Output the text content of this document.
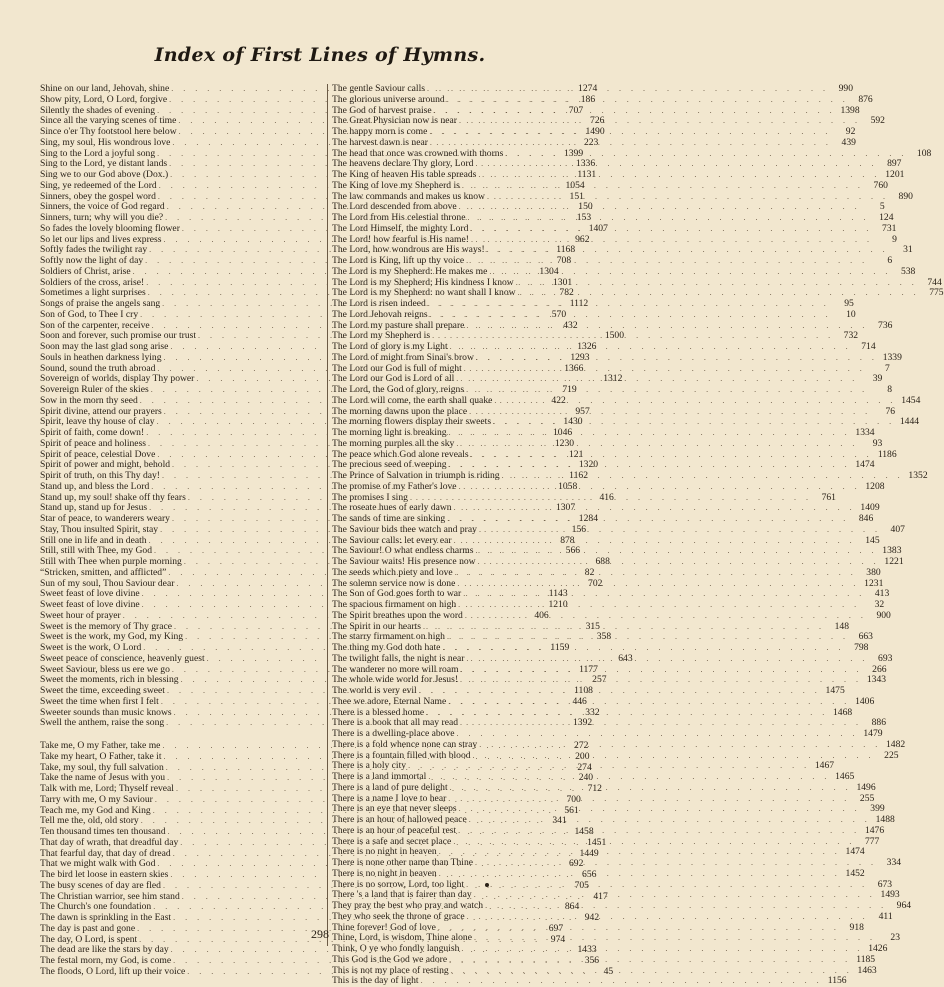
Index of First Lines of Hymns.
Shine on our land, Jehovah, shine . . .	1274
Show pity, Lord, O Lord, forgive . . .	186
Silently the shades of evening . . .	707
Since all the varying scenes of time . . .	726
Since o'er Thy footstool here below . . .	1490
Sing, my soul, His wondrous love . . .	223
Sing to the Lord a joyful song . . .	1399
Sing to the Lord, ye distant lands . . .	1336
Sing we to our God above (Dox.) . . .	1131
Sing, ye redeemed of the Lord . . .	1054
Sinners, obey the gospel word . . .	151
Sinners, the voice of God regard . . .	150
Sinners, turn; why will you die? . . .	153
So fades the lovely blooming flower . . .	1407
So let our lips and lives express . . .	962
Softly fades the twilight ray . . .	1168
Softly now the light of day . . .	708
Soldiers of Christ, arise . . .	1304
Soldiers of the cross, arise! . . .	1301
Sometimes a light surprises . . .	782
Songs of praise the angels sang . . .	1112
Son of God, to Thee I cry . . .	570
Son of the carpenter, receive . . .	432
Soon and forever, such promise our trust . . .	1500
Soon may the last glad song arise . . .	1326
Souls in heathen darkness lying . . .	1293
Sound, sound the truth abroad . . .	1366
Sovereign of worlds, display Thy power . . .	1312
Sovereign Ruler of the skies . . .	719
Sow in the morn thy seed . . .	422
Spirit divine, attend our prayers . . .	957
Spirit, leave thy house of clay . . .	1430
Spirit of faith, come down! . . .	1046
Spirit of peace and holiness . . .	1230
Spirit of peace, celestial Dove . . .	121
Spirit of power and might, behold . . .	1320
Spirit of truth, on this Thy day! . . .	1162
Stand up, and bless the Lord . . .	1058
Stand up, my soul! shake off thy fears . . .	416
Stand up, stand up for Jesus . . .	1307
Star of peace, to wanderers weary . . .	1284
Stay, Thou insulted Spirit, stay . . .	156
Still one in life and in death . . .	878
Still, still with Thee, my God . . .	566
Still with Thee when purple morning . . .	688
“Stricken, smitten, and afflicted” . . .	82
Sun of my soul, Thou Saviour dear . . .	702
Sweet feast of love divine . . .	1143
Sweet feast of love divine . . .	1210
Sweet hour of prayer . . .	406
Sweet is the memory of Thy grace . . .	315
Sweet is the work, my God, my King . . .	358
Sweet is the work, O Lord . . .	1159
Sweet peace of conscience, heavenly guest . . .	643
Sweet Saviour, bless us ere we go . . .	1177
Sweet the moments, rich in blessing . . .	257
Sweet the time, exceeding sweet . . .	1108
Sweet the time when first I felt . . .	446
Sweeter sounds than music knows . . .	332
Swell the anthem, raise the song . . .	1392
Take me, O my Father, take me . . .	272
Take my heart, O Father, take it . . .	200
Take, my soul, thy full salvation . . .	274
Take the name of Jesus with you . . .	240
Talk with me, Lord; Thyself reveal . . .	712
Tarry with me, O my Saviour . . .	700
Teach me, my God and King . . .	561
Tell me the, old, old story . . .	341
Ten thousand times ten thousand . . .	1458
That day of wrath, that dreadful day . . .	1451
That fearful day, that day of dread . . .	1449
That we might walk with God . . .	692
The bird let loose in eastern skies . . .	656
The busy scenes of day are fled . . .	705
The Christian warrior, see him stand . . .	417
The Church's one foundation . . .	864
The dawn is sprinkling in the East . . .	942
The day is past and gone . . .	697
The day, O Lord, is spent . . .	974
The dead are like the stars by day . . .	1433
The festal morn, my God, is come . . .	356
The floods, O Lord, lift up their voice . . .	45
The gentle Saviour calls . . .	990
The glorious universe around . . .	876
The God of harvest praise . . .	1398
The Great Physician now is near . . .	592
The happy morn is come . . .	92
The harvest dawn is near . . .	439
The head that once was crowned with thorns . . .	108
The heavens declare Thy glory, Lord . . .	897
The King of heaven His table spreads . . .	1201
The King of love my Shepherd is . . .	760
The law commands and makes us know . . .	890
The Lord descended from above . . .	5
The Lord from His celestial throne . . .	124
The Lord Himself, the mighty Lord . . .	731
The Lord! how fearful is His name! . . .	9
The Lord, how wondrous are His ways! . . .	31
The Lord is King, lift up thy voice . . .	6
The Lord is my Shepherd: He makes me . . .	538
The Lord is my Shepherd; His kindness I know . . .	744
The Lord is my Shepherd: no want shall I know . . .	775
The Lord is risen indeed . . .	95
The Lord Jehovah reigns . . .	10
The Lord my pasture shall prepare . . .	736
The Lord my Shepherd is . . .	732
The Lord of glory is my Light . . .	714
The Lord of might from Sinai's brow . . .	1339
The Lord our God is full of might . . .	7
The Lord our God is Lord of all . . .	39
The Lord, the God of glory, reigns . . .	8
The Lord will come, the earth shall quake . . .	1454
The morning dawns upon the place . . .	76
The morning flowers display their sweets . . .	1444
The morning light is breaking . . .	1334
The morning purples all the sky . . .	93
The peace which God alone reveals . . .	1186
The precious seed of weeping . . .	1474
The Prince of Salvation in triumph is riding . . .	1352
The promise of my Father's love . . .	1208
The promises I sing . . .	761
The roseate hues of early dawn . . .	1409
The sands of time are sinking . . .	846
The Saviour bids thee watch and pray . . .	407
The Saviour calls: let every ear . . .	145
The Saviour! O what endless charms . . .	1383
The Saviour waits! His presence now . . .	1221
The seeds which piety and love . . .	380
The solemn service now is done . . .	1231
The Son of God goes forth to war . . .	413
The spacious firmament on high . . .	32
The Spirit breathes upon the word . . .	900
The Spirit in our hearts . . .	148
The starry firmament on high . . .	663
The thing my God doth hate . . .	798
The twilight falls, the night is near . . .	693
The wanderer no more will roam . . .	266
The whole wide world for Jesus! . . .	1343
The world is very evil . . .	1475
Thee we adore, Eternal Name . . .	1406
There is a blessed home . . .	1468
There is a book that all may read . . .	886
There is a dwelling-place above . . .	1479
There is a fold whence none can stray . . .	1482
There is a fountain filled with blood . . .	225
There is a holy city . . .	1467
There is a land immortal . . .	1465
There is a land of pure delight . . .	1496
There is a name I love to hear . . .	255
There is an eye that never sleeps . . .	399
There is an hour of hallowed peace . . .	1488
There is an hour of peaceful rest . . .	1476
There is a safe and secret place . . .	777
There is no night in heaven . . .	1474
There is none other name than Thine . . .	334
There is no night in heaven . . .	1452
There is no sorrow, Lord, too light . . .	673
There 's a land that is fairer than day . . .	1493
They pray the best who pray and watch . . .	964
They who seek the throne of grace . . .	411
Thine forever! God of love . . .	918
Thine, Lord, is wisdom, Thine alone . . .	23
Think, O ye who fondly languish . . .	1426
This God is the God we adore . . .	1185
This is not my place of resting . . .	1463
This is the day of light . . .	1156
298
